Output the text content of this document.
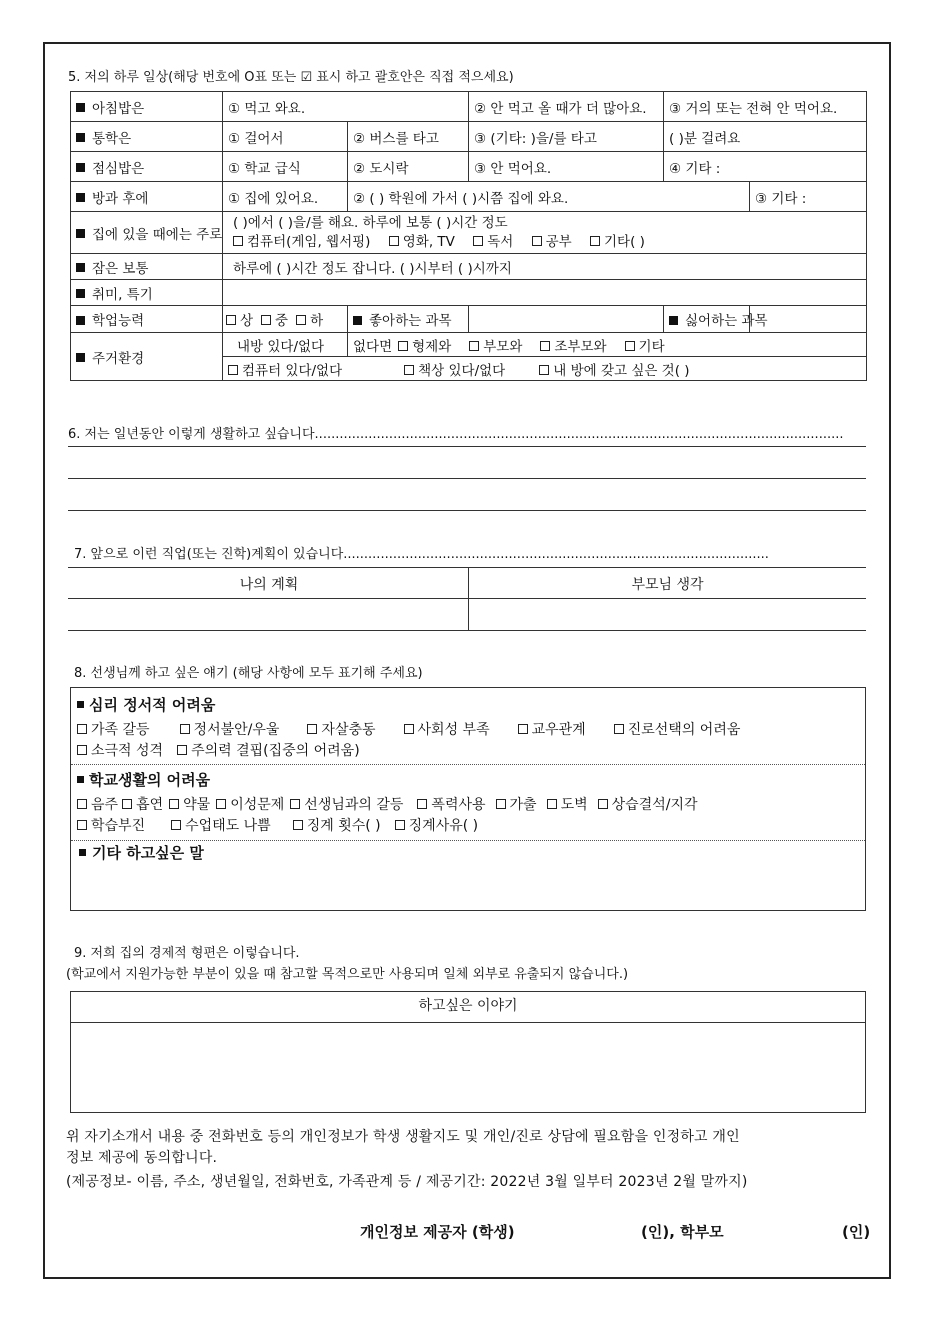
5. 저의 하루 일상(해당 번호에 O표 또는 ☑ 표시 하고 괄호안은 직접 적으세요)
아침밥은	① 먹고 와요.		② 안 먹고 올 때가 더 많아요.	③ 거의 또는 전혀 안 먹어요.	
통학은	① 걸어서	② 버스를 타고	③ (기타: )을/를 타고	( )분 걸려요	
점심밥은	① 학교 급식	② 도시락	③ 안 먹어요.	④ 기타 :	
방과 후에	① 집에 있어요.	② ( ) 학원에 가서 ( )시쯤 집에 와요.			③ 기타 :
집에 있을 때에는 주로	( )에서 ( )을/를 해요. 하루에 보통 ( )시간 정도
컴퓨터(게임, 웹서핑) 영화, TV 독서 공부 기타( )				

잠은 보통	하루에 ( )시간 정도 잡니다. ( )시부터 ( )시까지				
취미, 특기					
학업능력	상 중 하	좋아하는 과목		싫어하는 과목	
주거환경	내방 있다/없다	없다면 형제와 부모와 조부모와 기타			
	컴퓨터 있다/없다 책상 있다/없다 내 방에 갖고 싶은 것( )				
6. 저는 일년동안 이렇게 생활하고 싶습니다................................................................................................................................
7. 앞으로 이런 직업(또는 진학)계획이 있습니다.......................................................................................................
나의 계획	부모님 생각
8. 선생님께 하고 싶은 얘기 (해당 사항에 모두 표기해 주세요)
심리 정서적 어려움
가족 갈등	정서불안/우울	자살충동	사회성 부족	교우관계	진로선택의 어려움
소극적 성격 주의력 결핍(집중의 어려움)
학교생활의 어려움
음주 흡연 약물 이성문제 선생님과의 갈등 폭력사용 가출 도벽 상습결석/지각
학습부진	수업태도 나쁨	징계 횟수( ) 징계사유( )
기타 하고싶은 말
9. 저희 집의 경제적 형편은 이렇습니다.
(학교에서 지원가능한 부분이 있을 때 참고할 목적으로만 사용되며 일체 외부로 유출되지 않습니다.)
하고싶은 이야기
위 자기소개서 내용 중 전화번호 등의 개인정보가 학생 생활지도 및 개인/진로 상담에 필요함을 인정하고 개인
정보 제공에 동의합니다.
(제공정보- 이름, 주소, 생년월일, 전화번호, 가족관계 등 / 제공기간: 2022년 3월 일부터 2023년 2월 말까지)
개인정보 제공자 (학생)	(인), 학부모	(인)
